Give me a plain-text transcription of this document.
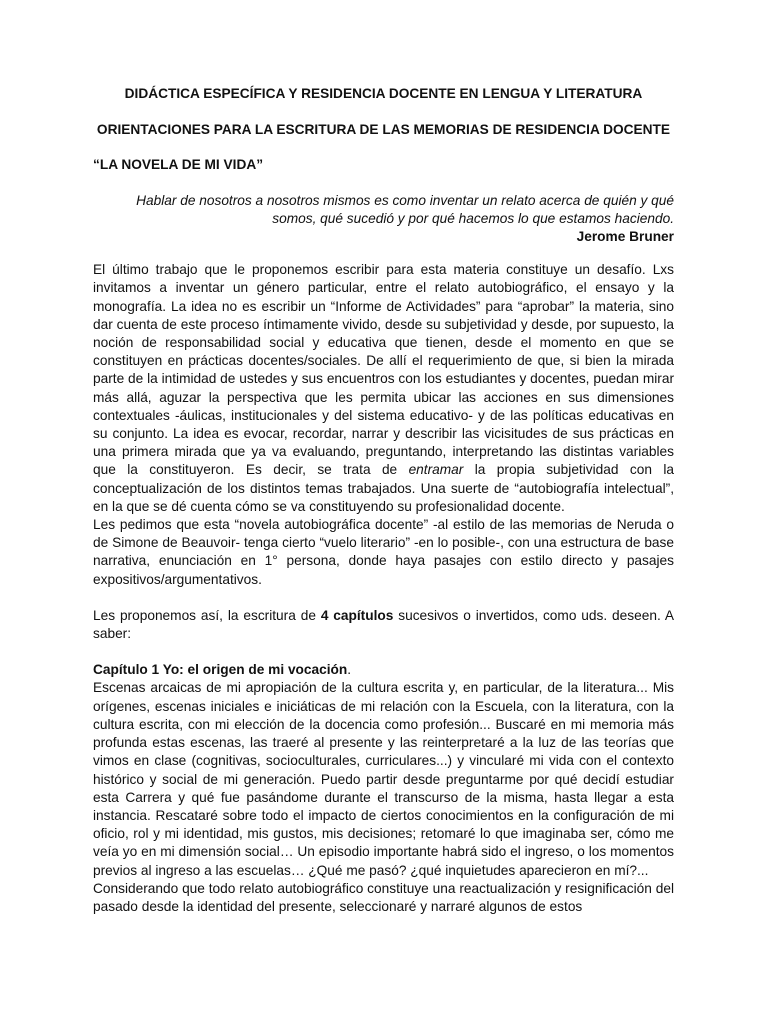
DIDÁCTICA ESPECÍFICA Y RESIDENCIA DOCENTE EN LENGUA Y LITERATURA

ORIENTACIONES PARA LA ESCRITURA DE LAS MEMORIAS DE RESIDENCIA DOCENTE

“LA NOVELA DE MI VIDA”

Hablar de nosotros a nosotros mismos es como inventar un relato acerca de quién y qué somos, qué sucedió y por qué hacemos lo que estamos haciendo.
Jerome Bruner

El último trabajo que le proponemos escribir para esta materia constituye un desafío. Lxs invitamos a inventar un género particular, entre el relato autobiográfico, el ensayo y la monografía. La idea no es escribir un “Informe de Actividades” para “aprobar” la materia, sino dar cuenta de este proceso íntimamente vivido, desde su subjetividad y desde, por supuesto, la noción de responsabilidad social y educativa que tienen, desde el momento en que se constituyen en prácticas docentes/sociales. De allí el requerimiento de que, si bien la mirada parte de la intimidad de ustedes y sus encuentros con los estudiantes y docentes, puedan mirar más allá, aguzar la perspectiva que les permita ubicar las acciones en sus dimensiones contextuales -áulicas, institucionales y del sistema educativo- y de las políticas educativas en su conjunto. La idea es evocar, recordar, narrar y describir las vicisitudes de sus prácticas en una primera mirada que ya va evaluando, preguntando, interpretando las distintas variables que la constituyeron. Es decir, se trata de entramar la propia subjetividad con la conceptualización de los distintos temas trabajados. Una suerte de “autobiografía intelectual”, en la que se dé cuenta cómo se va constituyendo su profesionalidad docente.

Les pedimos que esta “novela autobiográfica docente” -al estilo de las memorias de Neruda o de Simone de Beauvoir- tenga cierto “vuelo literario” -en lo posible-, con una estructura de base narrativa, enunciación en 1° persona, donde haya pasajes con estilo directo y pasajes expositivos/argumentativos.

Les proponemos así, la escritura de 4 capítulos sucesivos o invertidos, como uds. deseen. A saber:

Capítulo 1 Yo: el origen de mi vocación.

Escenas arcaicas de mi apropiación de la cultura escrita y, en particular, de la literatura... Mis orígenes, escenas iniciales e iniciáticas de mi relación con la Escuela, con la literatura, con la cultura escrita, con mi elección de la docencia como profesión... Buscaré en mi memoria más profunda estas escenas, las traeré al presente y las reinterpretaré a la luz de las teorías que vimos en clase (cognitivas, socioculturales, curriculares...) y vincularé mi vida con el contexto histórico y social de mi generación. Puedo partir desde preguntarme por qué decidí estudiar esta Carrera y qué fue pasándome durante el transcurso de la misma, hasta llegar a esta instancia. Rescataré sobre todo el impacto de ciertos conocimientos en la configuración de mi oficio, rol y mi identidad, mis gustos, mis decisiones; retomaré lo que imaginaba ser, cómo me veía yo en mi dimensión social… Un episodio importante habrá sido el ingreso, o los momentos previos al ingreso a las escuelas… ¿Qué me pasó? ¿qué inquietudes aparecieron en mí?...

Considerando que todo relato autobiográfico constituye una reactualización y resignificación del pasado desde la identidad del presente, seleccionaré y narraré algunos de estos
